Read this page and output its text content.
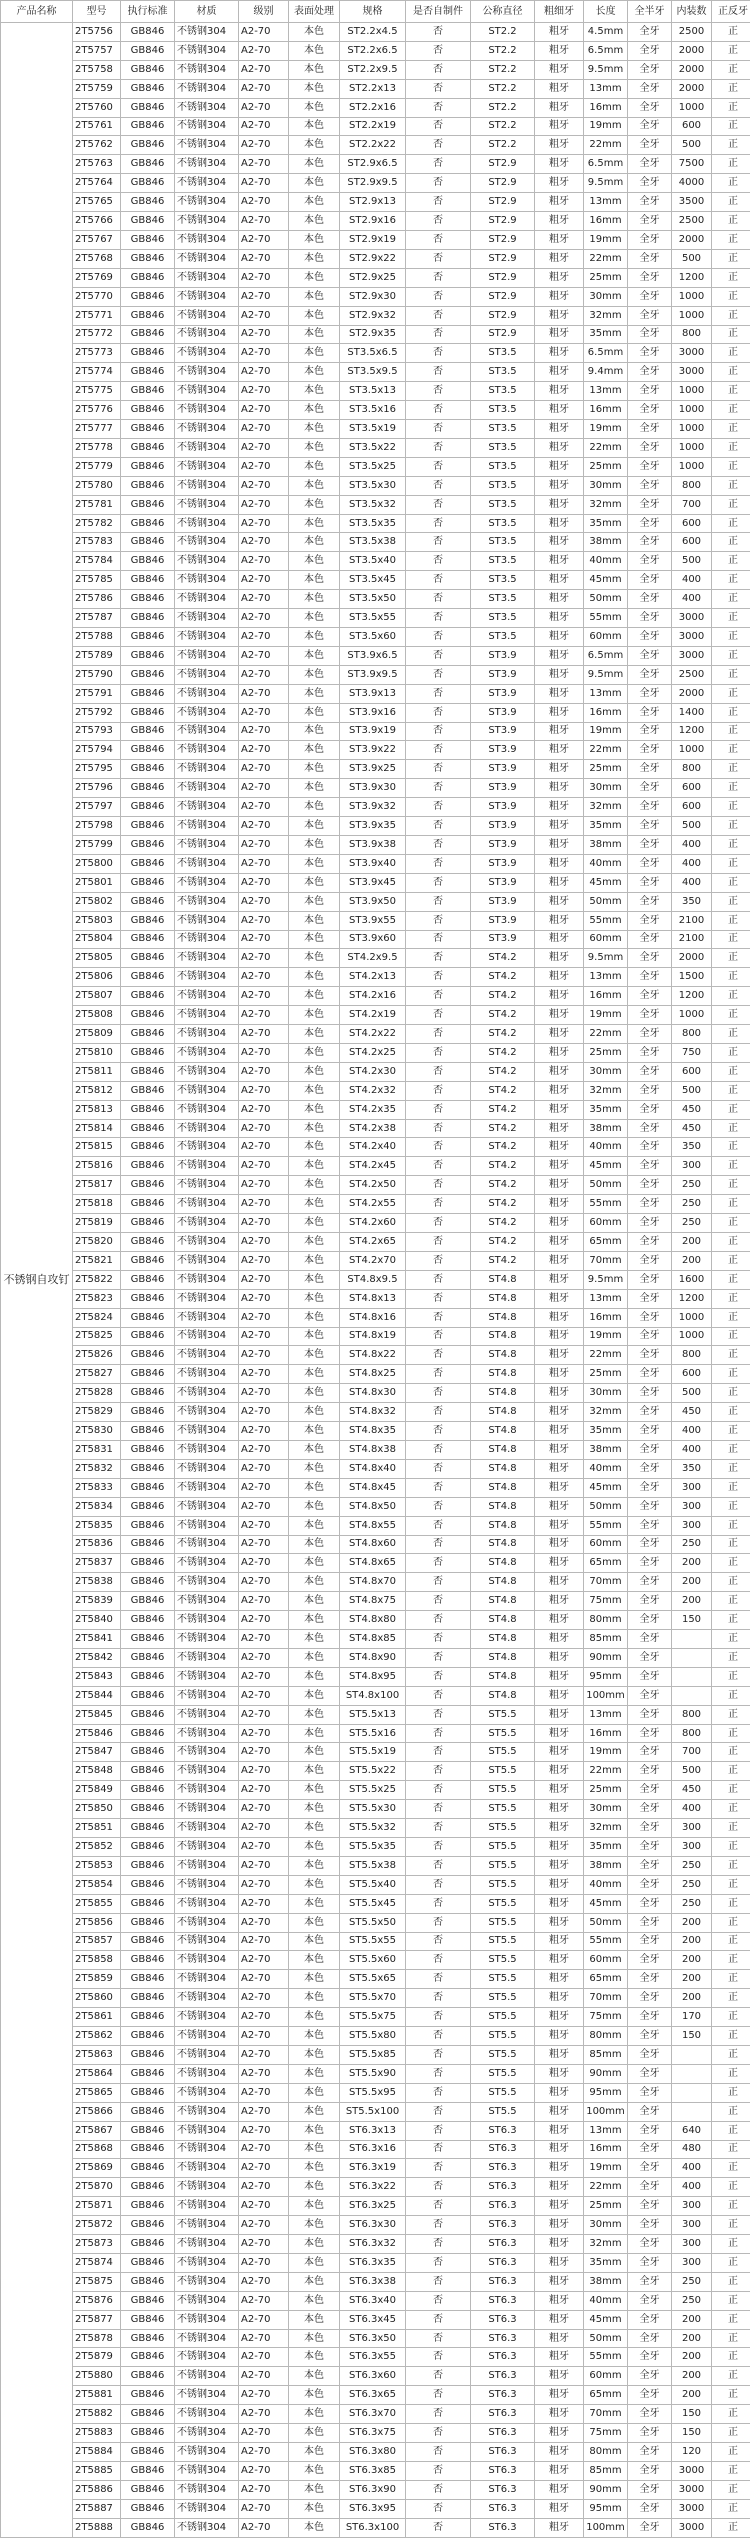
产品名称	型号	执行标准	材质	级别	表面处理	规格	是否自制件	公称直径	粗细牙	长度	全半牙	内装数	正反牙
不锈钢自攻钉	2T5756	GB846	不锈钢304	A2-70	本色	ST2.2x4.5	否	ST2.2	粗牙	4.5mm	全牙	2500	正
	2T5757	GB846	不锈钢304	A2-70	本色	ST2.2x6.5	否	ST2.2	粗牙	6.5mm	全牙	2000	正
	2T5758	GB846	不锈钢304	A2-70	本色	ST2.2x9.5	否	ST2.2	粗牙	9.5mm	全牙	2000	正
	2T5759	GB846	不锈钢304	A2-70	本色	ST2.2x13	否	ST2.2	粗牙	13mm	全牙	2000	正
	2T5760	GB846	不锈钢304	A2-70	本色	ST2.2x16	否	ST2.2	粗牙	16mm	全牙	1000	正
	2T5761	GB846	不锈钢304	A2-70	本色	ST2.2x19	否	ST2.2	粗牙	19mm	全牙	600	正
	2T5762	GB846	不锈钢304	A2-70	本色	ST2.2x22	否	ST2.2	粗牙	22mm	全牙	500	正
	2T5763	GB846	不锈钢304	A2-70	本色	ST2.9x6.5	否	ST2.9	粗牙	6.5mm	全牙	7500	正
	2T5764	GB846	不锈钢304	A2-70	本色	ST2.9x9.5	否	ST2.9	粗牙	9.5mm	全牙	4000	正
	2T5765	GB846	不锈钢304	A2-70	本色	ST2.9x13	否	ST2.9	粗牙	13mm	全牙	3500	正
	2T5766	GB846	不锈钢304	A2-70	本色	ST2.9x16	否	ST2.9	粗牙	16mm	全牙	2500	正
	2T5767	GB846	不锈钢304	A2-70	本色	ST2.9x19	否	ST2.9	粗牙	19mm	全牙	2000	正
	2T5768	GB846	不锈钢304	A2-70	本色	ST2.9x22	否	ST2.9	粗牙	22mm	全牙	500	正
	2T5769	GB846	不锈钢304	A2-70	本色	ST2.9x25	否	ST2.9	粗牙	25mm	全牙	1200	正
	2T5770	GB846	不锈钢304	A2-70	本色	ST2.9x30	否	ST2.9	粗牙	30mm	全牙	1000	正
	2T5771	GB846	不锈钢304	A2-70	本色	ST2.9x32	否	ST2.9	粗牙	32mm	全牙	1000	正
	2T5772	GB846	不锈钢304	A2-70	本色	ST2.9x35	否	ST2.9	粗牙	35mm	全牙	800	正
	2T5773	GB846	不锈钢304	A2-70	本色	ST3.5x6.5	否	ST3.5	粗牙	6.5mm	全牙	3000	正
	2T5774	GB846	不锈钢304	A2-70	本色	ST3.5x9.5	否	ST3.5	粗牙	9.4mm	全牙	3000	正
	2T5775	GB846	不锈钢304	A2-70	本色	ST3.5x13	否	ST3.5	粗牙	13mm	全牙	1000	正
	2T5776	GB846	不锈钢304	A2-70	本色	ST3.5x16	否	ST3.5	粗牙	16mm	全牙	1000	正
	2T5777	GB846	不锈钢304	A2-70	本色	ST3.5x19	否	ST3.5	粗牙	19mm	全牙	1000	正
	2T5778	GB846	不锈钢304	A2-70	本色	ST3.5x22	否	ST3.5	粗牙	22mm	全牙	1000	正
	2T5779	GB846	不锈钢304	A2-70	本色	ST3.5x25	否	ST3.5	粗牙	25mm	全牙	1000	正
	2T5780	GB846	不锈钢304	A2-70	本色	ST3.5x30	否	ST3.5	粗牙	30mm	全牙	800	正
	2T5781	GB846	不锈钢304	A2-70	本色	ST3.5x32	否	ST3.5	粗牙	32mm	全牙	700	正
	2T5782	GB846	不锈钢304	A2-70	本色	ST3.5x35	否	ST3.5	粗牙	35mm	全牙	600	正
	2T5783	GB846	不锈钢304	A2-70	本色	ST3.5x38	否	ST3.5	粗牙	38mm	全牙	600	正
	2T5784	GB846	不锈钢304	A2-70	本色	ST3.5x40	否	ST3.5	粗牙	40mm	全牙	500	正
	2T5785	GB846	不锈钢304	A2-70	本色	ST3.5x45	否	ST3.5	粗牙	45mm	全牙	400	正
	2T5786	GB846	不锈钢304	A2-70	本色	ST3.5x50	否	ST3.5	粗牙	50mm	全牙	400	正
	2T5787	GB846	不锈钢304	A2-70	本色	ST3.5x55	否	ST3.5	粗牙	55mm	全牙	3000	正
	2T5788	GB846	不锈钢304	A2-70	本色	ST3.5x60	否	ST3.5	粗牙	60mm	全牙	3000	正
	2T5789	GB846	不锈钢304	A2-70	本色	ST3.9x6.5	否	ST3.9	粗牙	6.5mm	全牙	3000	正
	2T5790	GB846	不锈钢304	A2-70	本色	ST3.9x9.5	否	ST3.9	粗牙	9.5mm	全牙	2500	正
	2T5791	GB846	不锈钢304	A2-70	本色	ST3.9x13	否	ST3.9	粗牙	13mm	全牙	2000	正
	2T5792	GB846	不锈钢304	A2-70	本色	ST3.9x16	否	ST3.9	粗牙	16mm	全牙	1400	正
	2T5793	GB846	不锈钢304	A2-70	本色	ST3.9x19	否	ST3.9	粗牙	19mm	全牙	1200	正
	2T5794	GB846	不锈钢304	A2-70	本色	ST3.9x22	否	ST3.9	粗牙	22mm	全牙	1000	正
	2T5795	GB846	不锈钢304	A2-70	本色	ST3.9x25	否	ST3.9	粗牙	25mm	全牙	800	正
	2T5796	GB846	不锈钢304	A2-70	本色	ST3.9x30	否	ST3.9	粗牙	30mm	全牙	600	正
	2T5797	GB846	不锈钢304	A2-70	本色	ST3.9x32	否	ST3.9	粗牙	32mm	全牙	600	正
	2T5798	GB846	不锈钢304	A2-70	本色	ST3.9x35	否	ST3.9	粗牙	35mm	全牙	500	正
	2T5799	GB846	不锈钢304	A2-70	本色	ST3.9x38	否	ST3.9	粗牙	38mm	全牙	400	正
	2T5800	GB846	不锈钢304	A2-70	本色	ST3.9x40	否	ST3.9	粗牙	40mm	全牙	400	正
	2T5801	GB846	不锈钢304	A2-70	本色	ST3.9x45	否	ST3.9	粗牙	45mm	全牙	400	正
	2T5802	GB846	不锈钢304	A2-70	本色	ST3.9x50	否	ST3.9	粗牙	50mm	全牙	350	正
	2T5803	GB846	不锈钢304	A2-70	本色	ST3.9x55	否	ST3.9	粗牙	55mm	全牙	2100	正
	2T5804	GB846	不锈钢304	A2-70	本色	ST3.9x60	否	ST3.9	粗牙	60mm	全牙	2100	正
	2T5805	GB846	不锈钢304	A2-70	本色	ST4.2x9.5	否	ST4.2	粗牙	9.5mm	全牙	2000	正
	2T5806	GB846	不锈钢304	A2-70	本色	ST4.2x13	否	ST4.2	粗牙	13mm	全牙	1500	正
	2T5807	GB846	不锈钢304	A2-70	本色	ST4.2x16	否	ST4.2	粗牙	16mm	全牙	1200	正
	2T5808	GB846	不锈钢304	A2-70	本色	ST4.2x19	否	ST4.2	粗牙	19mm	全牙	1000	正
	2T5809	GB846	不锈钢304	A2-70	本色	ST4.2x22	否	ST4.2	粗牙	22mm	全牙	800	正
	2T5810	GB846	不锈钢304	A2-70	本色	ST4.2x25	否	ST4.2	粗牙	25mm	全牙	750	正
	2T5811	GB846	不锈钢304	A2-70	本色	ST4.2x30	否	ST4.2	粗牙	30mm	全牙	600	正
	2T5812	GB846	不锈钢304	A2-70	本色	ST4.2x32	否	ST4.2	粗牙	32mm	全牙	500	正
	2T5813	GB846	不锈钢304	A2-70	本色	ST4.2x35	否	ST4.2	粗牙	35mm	全牙	450	正
	2T5814	GB846	不锈钢304	A2-70	本色	ST4.2x38	否	ST4.2	粗牙	38mm	全牙	450	正
	2T5815	GB846	不锈钢304	A2-70	本色	ST4.2x40	否	ST4.2	粗牙	40mm	全牙	350	正
	2T5816	GB846	不锈钢304	A2-70	本色	ST4.2x45	否	ST4.2	粗牙	45mm	全牙	300	正
	2T5817	GB846	不锈钢304	A2-70	本色	ST4.2x50	否	ST4.2	粗牙	50mm	全牙	250	正
	2T5818	GB846	不锈钢304	A2-70	本色	ST4.2x55	否	ST4.2	粗牙	55mm	全牙	250	正
	2T5819	GB846	不锈钢304	A2-70	本色	ST4.2x60	否	ST4.2	粗牙	60mm	全牙	250	正
	2T5820	GB846	不锈钢304	A2-70	本色	ST4.2x65	否	ST4.2	粗牙	65mm	全牙	200	正
	2T5821	GB846	不锈钢304	A2-70	本色	ST4.2x70	否	ST4.2	粗牙	70mm	全牙	200	正
	2T5822	GB846	不锈钢304	A2-70	本色	ST4.8x9.5	否	ST4.8	粗牙	9.5mm	全牙	1600	正
	2T5823	GB846	不锈钢304	A2-70	本色	ST4.8x13	否	ST4.8	粗牙	13mm	全牙	1200	正
	2T5824	GB846	不锈钢304	A2-70	本色	ST4.8x16	否	ST4.8	粗牙	16mm	全牙	1000	正
	2T5825	GB846	不锈钢304	A2-70	本色	ST4.8x19	否	ST4.8	粗牙	19mm	全牙	1000	正
	2T5826	GB846	不锈钢304	A2-70	本色	ST4.8x22	否	ST4.8	粗牙	22mm	全牙	800	正
	2T5827	GB846	不锈钢304	A2-70	本色	ST4.8x25	否	ST4.8	粗牙	25mm	全牙	600	正
	2T5828	GB846	不锈钢304	A2-70	本色	ST4.8x30	否	ST4.8	粗牙	30mm	全牙	500	正
	2T5829	GB846	不锈钢304	A2-70	本色	ST4.8x32	否	ST4.8	粗牙	32mm	全牙	450	正
	2T5830	GB846	不锈钢304	A2-70	本色	ST4.8x35	否	ST4.8	粗牙	35mm	全牙	400	正
	2T5831	GB846	不锈钢304	A2-70	本色	ST4.8x38	否	ST4.8	粗牙	38mm	全牙	400	正
	2T5832	GB846	不锈钢304	A2-70	本色	ST4.8x40	否	ST4.8	粗牙	40mm	全牙	350	正
	2T5833	GB846	不锈钢304	A2-70	本色	ST4.8x45	否	ST4.8	粗牙	45mm	全牙	300	正
	2T5834	GB846	不锈钢304	A2-70	本色	ST4.8x50	否	ST4.8	粗牙	50mm	全牙	300	正
	2T5835	GB846	不锈钢304	A2-70	本色	ST4.8x55	否	ST4.8	粗牙	55mm	全牙	300	正
	2T5836	GB846	不锈钢304	A2-70	本色	ST4.8x60	否	ST4.8	粗牙	60mm	全牙	250	正
	2T5837	GB846	不锈钢304	A2-70	本色	ST4.8x65	否	ST4.8	粗牙	65mm	全牙	200	正
	2T5838	GB846	不锈钢304	A2-70	本色	ST4.8x70	否	ST4.8	粗牙	70mm	全牙	200	正
	2T5839	GB846	不锈钢304	A2-70	本色	ST4.8x75	否	ST4.8	粗牙	75mm	全牙	200	正
	2T5840	GB846	不锈钢304	A2-70	本色	ST4.8x80	否	ST4.8	粗牙	80mm	全牙	150	正
	2T5841	GB846	不锈钢304	A2-70	本色	ST4.8x85	否	ST4.8	粗牙	85mm	全牙		正
	2T5842	GB846	不锈钢304	A2-70	本色	ST4.8x90	否	ST4.8	粗牙	90mm	全牙		正
	2T5843	GB846	不锈钢304	A2-70	本色	ST4.8x95	否	ST4.8	粗牙	95mm	全牙		正
	2T5844	GB846	不锈钢304	A2-70	本色	ST4.8x100	否	ST4.8	粗牙	100mm	全牙		正
	2T5845	GB846	不锈钢304	A2-70	本色	ST5.5x13	否	ST5.5	粗牙	13mm	全牙	800	正
	2T5846	GB846	不锈钢304	A2-70	本色	ST5.5x16	否	ST5.5	粗牙	16mm	全牙	800	正
	2T5847	GB846	不锈钢304	A2-70	本色	ST5.5x19	否	ST5.5	粗牙	19mm	全牙	700	正
	2T5848	GB846	不锈钢304	A2-70	本色	ST5.5x22	否	ST5.5	粗牙	22mm	全牙	500	正
	2T5849	GB846	不锈钢304	A2-70	本色	ST5.5x25	否	ST5.5	粗牙	25mm	全牙	450	正
	2T5850	GB846	不锈钢304	A2-70	本色	ST5.5x30	否	ST5.5	粗牙	30mm	全牙	400	正
	2T5851	GB846	不锈钢304	A2-70	本色	ST5.5x32	否	ST5.5	粗牙	32mm	全牙	300	正
	2T5852	GB846	不锈钢304	A2-70	本色	ST5.5x35	否	ST5.5	粗牙	35mm	全牙	300	正
	2T5853	GB846	不锈钢304	A2-70	本色	ST5.5x38	否	ST5.5	粗牙	38mm	全牙	250	正
	2T5854	GB846	不锈钢304	A2-70	本色	ST5.5x40	否	ST5.5	粗牙	40mm	全牙	250	正
	2T5855	GB846	不锈钢304	A2-70	本色	ST5.5x45	否	ST5.5	粗牙	45mm	全牙	250	正
	2T5856	GB846	不锈钢304	A2-70	本色	ST5.5x50	否	ST5.5	粗牙	50mm	全牙	200	正
	2T5857	GB846	不锈钢304	A2-70	本色	ST5.5x55	否	ST5.5	粗牙	55mm	全牙	200	正
	2T5858	GB846	不锈钢304	A2-70	本色	ST5.5x60	否	ST5.5	粗牙	60mm	全牙	200	正
	2T5859	GB846	不锈钢304	A2-70	本色	ST5.5x65	否	ST5.5	粗牙	65mm	全牙	200	正
	2T5860	GB846	不锈钢304	A2-70	本色	ST5.5x70	否	ST5.5	粗牙	70mm	全牙	200	正
	2T5861	GB846	不锈钢304	A2-70	本色	ST5.5x75	否	ST5.5	粗牙	75mm	全牙	170	正
	2T5862	GB846	不锈钢304	A2-70	本色	ST5.5x80	否	ST5.5	粗牙	80mm	全牙	150	正
	2T5863	GB846	不锈钢304	A2-70	本色	ST5.5x85	否	ST5.5	粗牙	85mm	全牙		正
	2T5864	GB846	不锈钢304	A2-70	本色	ST5.5x90	否	ST5.5	粗牙	90mm	全牙		正
	2T5865	GB846	不锈钢304	A2-70	本色	ST5.5x95	否	ST5.5	粗牙	95mm	全牙		正
	2T5866	GB846	不锈钢304	A2-70	本色	ST5.5x100	否	ST5.5	粗牙	100mm	全牙		正
	2T5867	GB846	不锈钢304	A2-70	本色	ST6.3x13	否	ST6.3	粗牙	13mm	全牙	640	正
	2T5868	GB846	不锈钢304	A2-70	本色	ST6.3x16	否	ST6.3	粗牙	16mm	全牙	480	正
	2T5869	GB846	不锈钢304	A2-70	本色	ST6.3x19	否	ST6.3	粗牙	19mm	全牙	400	正
	2T5870	GB846	不锈钢304	A2-70	本色	ST6.3x22	否	ST6.3	粗牙	22mm	全牙	400	正
	2T5871	GB846	不锈钢304	A2-70	本色	ST6.3x25	否	ST6.3	粗牙	25mm	全牙	300	正
	2T5872	GB846	不锈钢304	A2-70	本色	ST6.3x30	否	ST6.3	粗牙	30mm	全牙	300	正
	2T5873	GB846	不锈钢304	A2-70	本色	ST6.3x32	否	ST6.3	粗牙	32mm	全牙	300	正
	2T5874	GB846	不锈钢304	A2-70	本色	ST6.3x35	否	ST6.3	粗牙	35mm	全牙	300	正
	2T5875	GB846	不锈钢304	A2-70	本色	ST6.3x38	否	ST6.3	粗牙	38mm	全牙	250	正
	2T5876	GB846	不锈钢304	A2-70	本色	ST6.3x40	否	ST6.3	粗牙	40mm	全牙	250	正
	2T5877	GB846	不锈钢304	A2-70	本色	ST6.3x45	否	ST6.3	粗牙	45mm	全牙	200	正
	2T5878	GB846	不锈钢304	A2-70	本色	ST6.3x50	否	ST6.3	粗牙	50mm	全牙	200	正
	2T5879	GB846	不锈钢304	A2-70	本色	ST6.3x55	否	ST6.3	粗牙	55mm	全牙	200	正
	2T5880	GB846	不锈钢304	A2-70	本色	ST6.3x60	否	ST6.3	粗牙	60mm	全牙	200	正
	2T5881	GB846	不锈钢304	A2-70	本色	ST6.3x65	否	ST6.3	粗牙	65mm	全牙	200	正
	2T5882	GB846	不锈钢304	A2-70	本色	ST6.3x70	否	ST6.3	粗牙	70mm	全牙	150	正
	2T5883	GB846	不锈钢304	A2-70	本色	ST6.3x75	否	ST6.3	粗牙	75mm	全牙	150	正
	2T5884	GB846	不锈钢304	A2-70	本色	ST6.3x80	否	ST6.3	粗牙	80mm	全牙	120	正
	2T5885	GB846	不锈钢304	A2-70	本色	ST6.3x85	否	ST6.3	粗牙	85mm	全牙	3000	正
	2T5886	GB846	不锈钢304	A2-70	本色	ST6.3x90	否	ST6.3	粗牙	90mm	全牙	3000	正
	2T5887	GB846	不锈钢304	A2-70	本色	ST6.3x95	否	ST6.3	粗牙	95mm	全牙	3000	正
	2T5888	GB846	不锈钢304	A2-70	本色	ST6.3x100	否	ST6.3	粗牙	100mm	全牙	3000	正
